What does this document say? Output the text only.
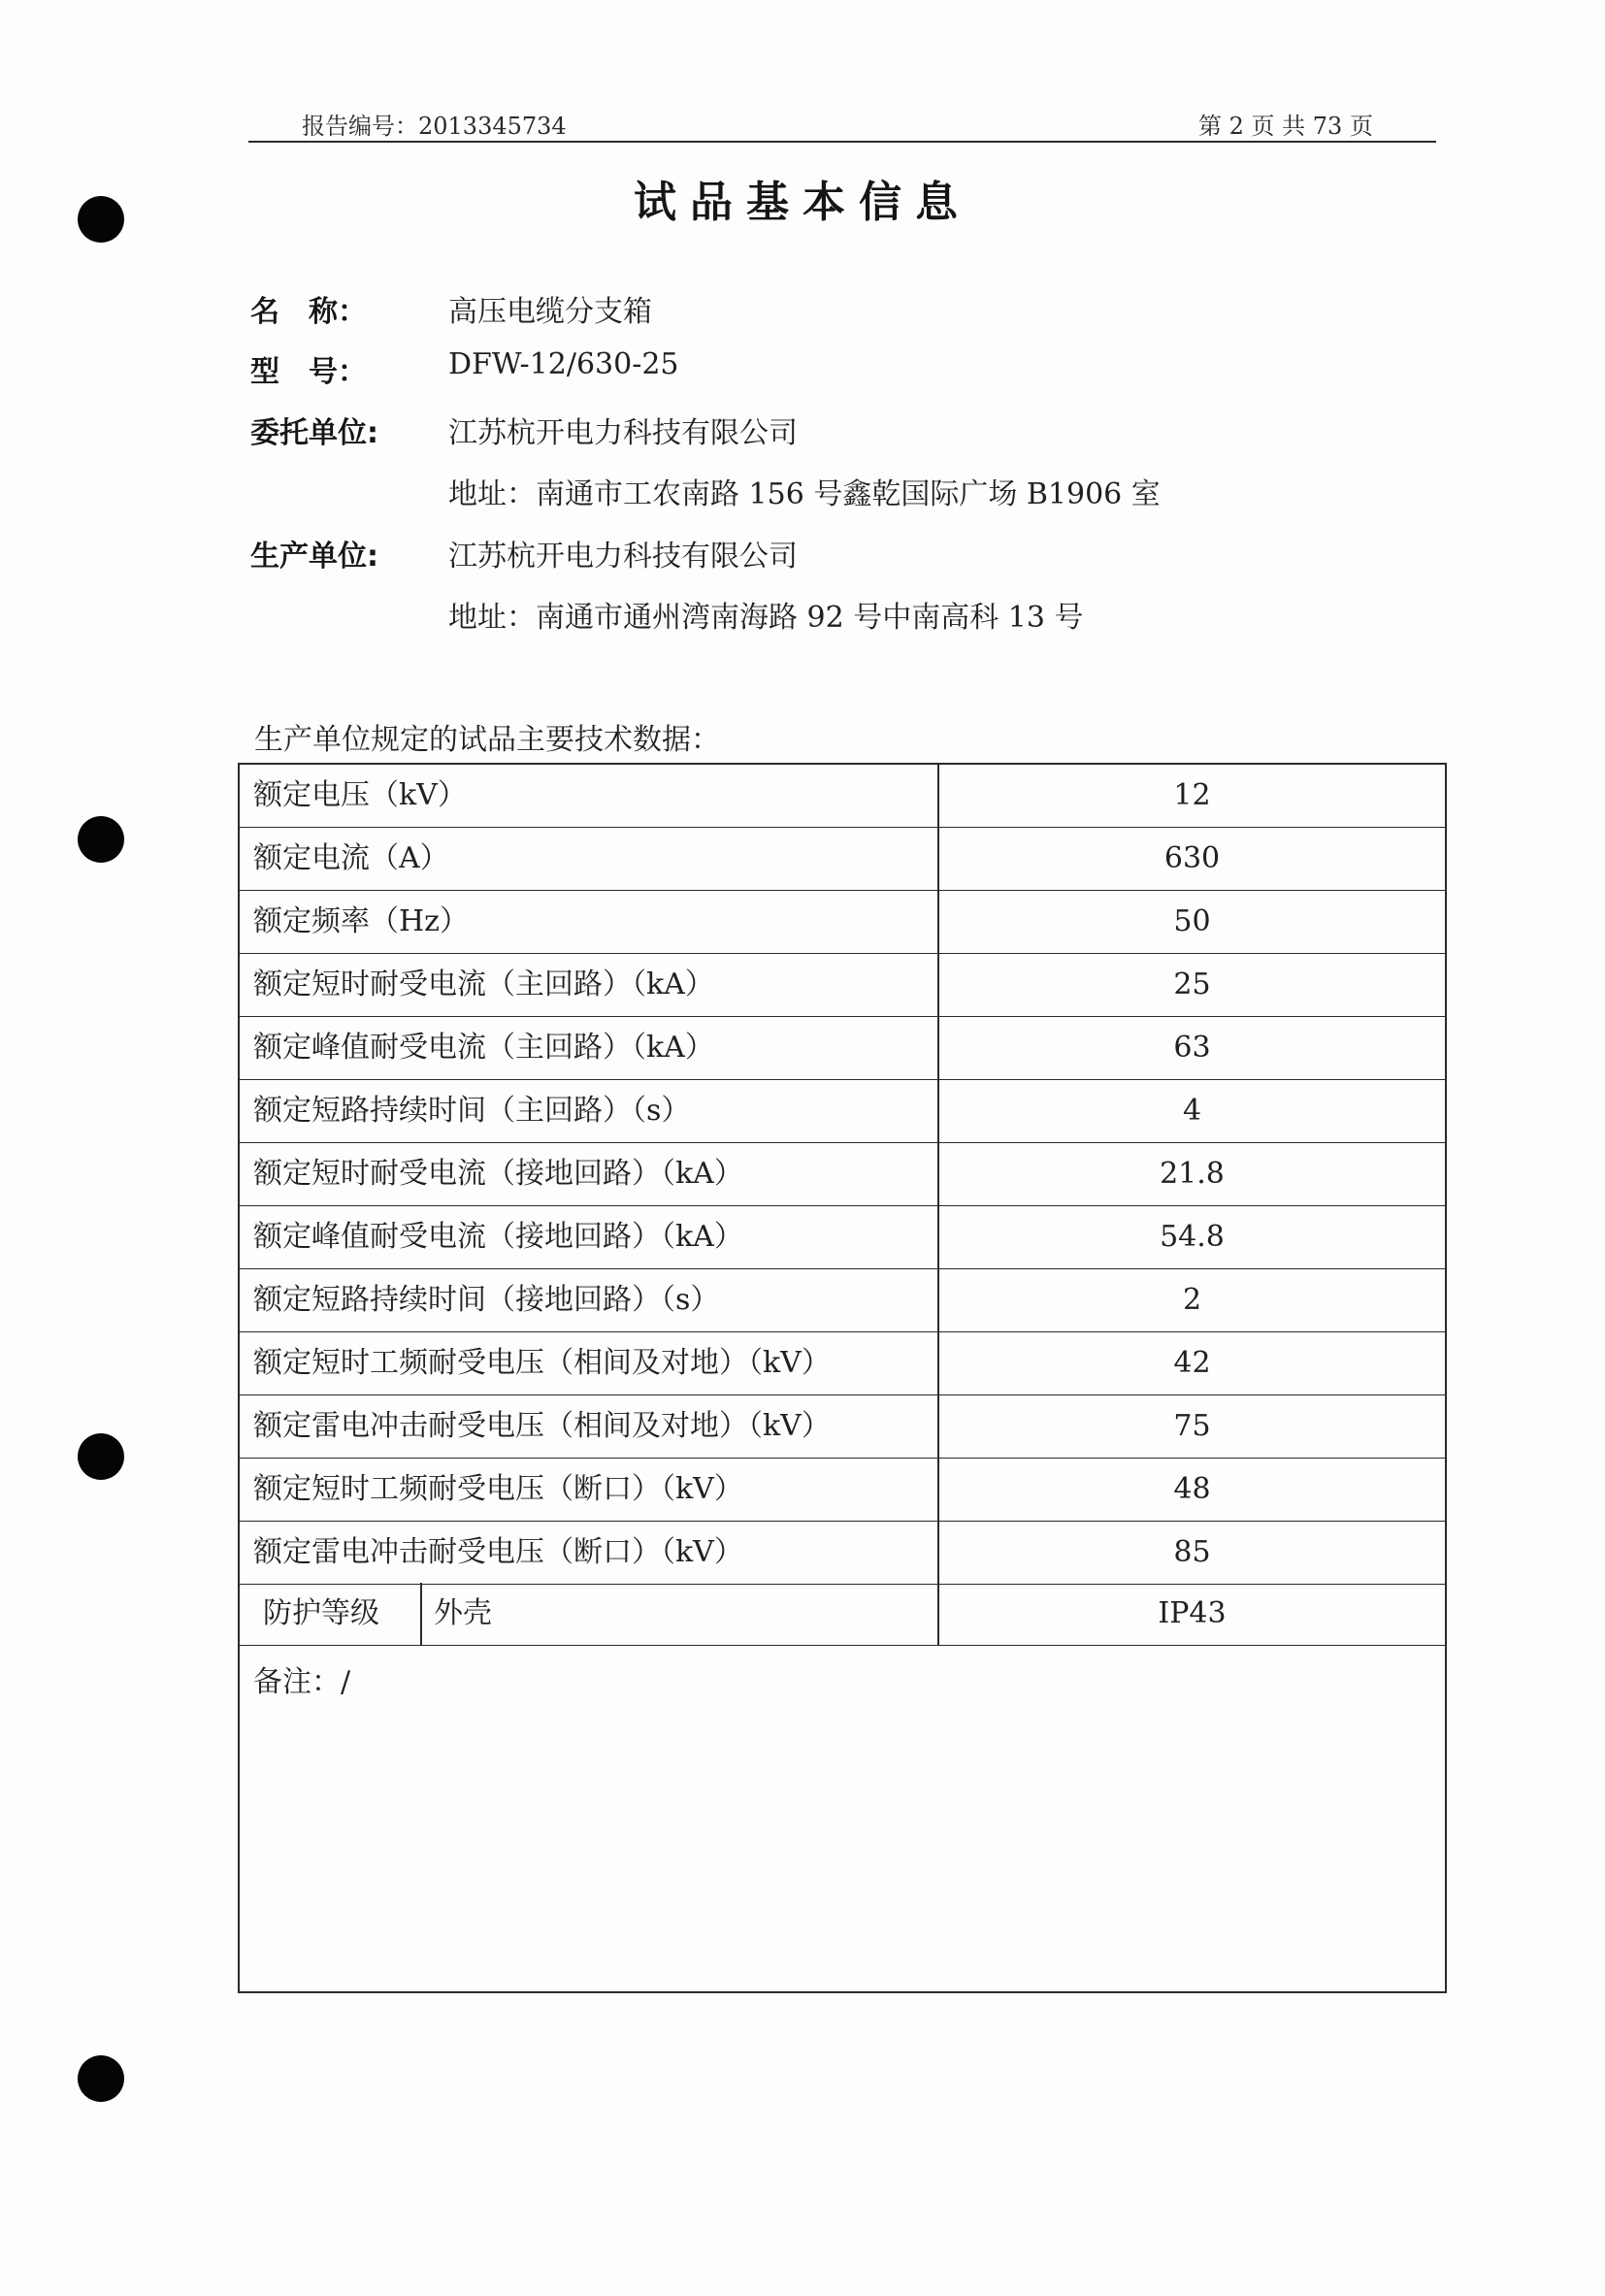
报告编号：2013345734	第 2 页 共 73 页
试品基本信息
名　称：	高压电缆分支箱
型　号：	DFW-12/630-25
委托单位: 江苏杭开电力科技有限公司
地址：南通市工农南路 156 号鑫乾国际广场 B1906 室
生产单位: 江苏杭开电力科技有限公司
地址：南通市通州湾南海路 92 号中南高科 13 号
生产单位规定的试品主要技术数据：
额定电压（kV）	12
额定电流（A）	630
额定频率（Hz）	50
额定短时耐受电流（主回路）（kA）	25
额定峰值耐受电流（主回路）（kA）	63
额定短路持续时间（主回路）（s）	4
额定短时耐受电流（接地回路）（kA）	21.8
额定峰值耐受电流（接地回路）（kA）	54.8
额定短路持续时间（接地回路）（s）	2
额定短时工频耐受电压（相间及对地）（kV）	42
额定雷电冲击耐受电压（相间及对地）（kV）	75
额定短时工频耐受电压（断口）（kV）	48
额定雷电冲击耐受电压（断口）（kV）	85
防护等级 外壳	IP43
备注：/
